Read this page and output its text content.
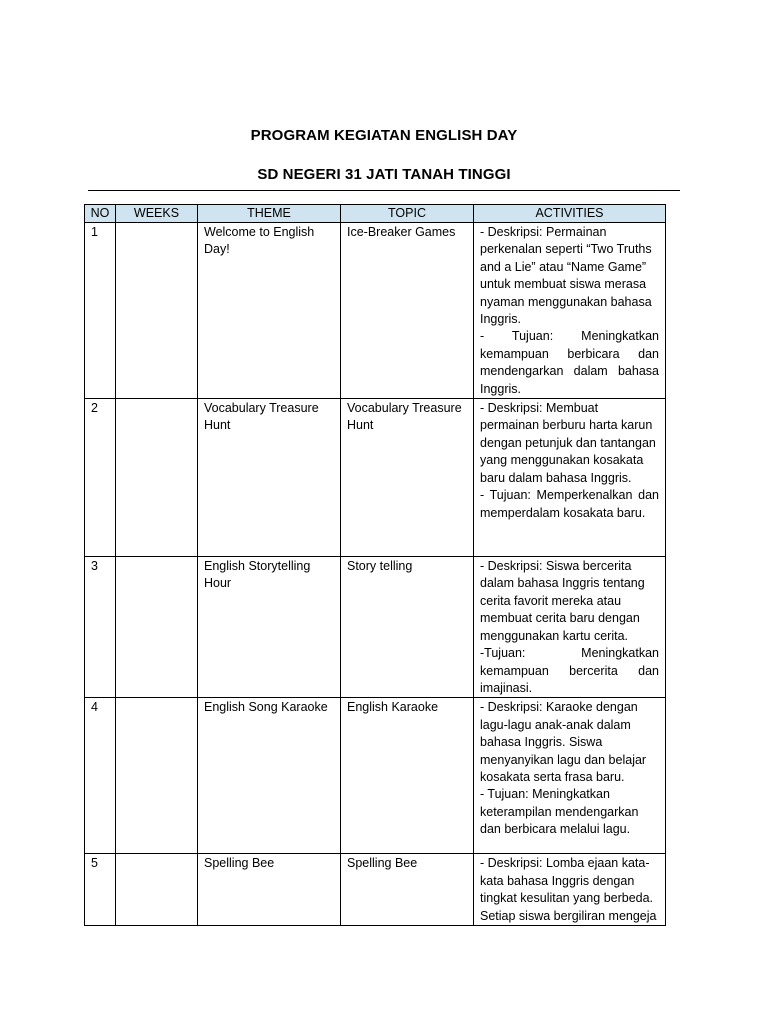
PROGRAM KEGIATAN ENGLISH DAY
SD NEGERI 31 JATI TANAH TINGGI
NO	WEEKS	THEME	TOPIC	ACTIVITIES
1		Welcome to English Day!	Ice-Breaker Games	- Deskripsi: Permainan perkenalan seperti “Two Truths and a Lie” atau “Name Game” untuk membuat siswa merasa nyaman menggunakan bahasa Inggris.

- Tujuan: Meningkatkan kemampuan berbicara dan mendengarkan dalam bahasa Inggris.

2		Vocabulary Treasure Hunt	Vocabulary Treasure Hunt	- Deskripsi: Membuat permainan berburu harta karun dengan petunjuk dan tantangan yang menggunakan kosakata baru dalam bahasa Inggris.

- Tujuan: Memperkenalkan dan memperdalam kosakata baru.

3		English Storytelling Hour	Story telling	- Deskripsi: Siswa bercerita dalam bahasa Inggris tentang cerita favorit mereka atau membuat cerita baru dengan menggunakan kartu cerita.

-Tujuan: Meningkatkan kemampuan bercerita dan imajinasi.

4		English Song Karaoke	English Karaoke	- Deskripsi: Karaoke dengan lagu-lagu anak-anak dalam bahasa Inggris. Siswa menyanyikan lagu dan belajar kosakata serta frasa baru.

- Tujuan: Meningkatkan keterampilan mendengarkan dan berbicara melalui lagu.

5		Spelling Bee	Spelling Bee	- Deskripsi: Lomba ejaan kata-kata bahasa Inggris dengan tingkat kesulitan yang berbeda. Setiap siswa bergiliran mengeja
